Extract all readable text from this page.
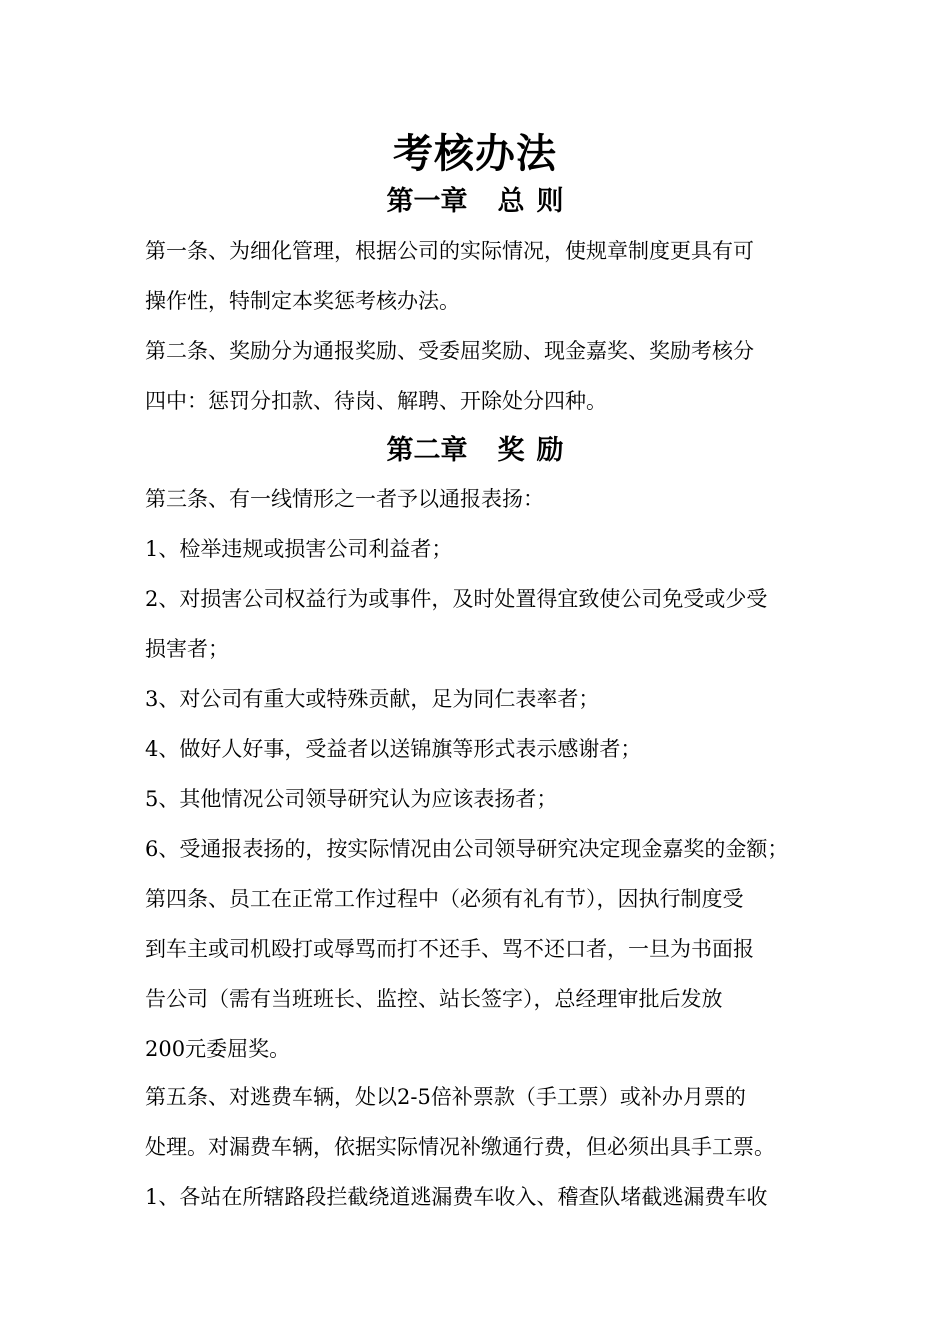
考核办法
第一章 总 则
第一条、为细化管理，根据公司的实际情况，使规章制度更具有可
操作性，特制定本奖惩考核办法。
第二条、奖励分为通报奖励、受委屈奖励、现金嘉奖、奖励考核分
四中：惩罚分扣款、待岗、解聘、开除处分四种。
第二章 奖 励
第三条、有一线情形之一者予以通报表扬：
1、检举违规或损害公司利益者；
2、对损害公司权益行为或事件，及时处置得宜致使公司免受或少受
损害者；
3、对公司有重大或特殊贡献，足为同仁表率者；
4、做好人好事，受益者以送锦旗等形式表示感谢者；
5、其他情况公司领导研究认为应该表扬者；
6、受通报表扬的，按实际情况由公司领导研究决定现金嘉奖的金额；
第四条、员工在正常工作过程中（必须有礼有节），因执行制度受
到车主或司机殴打或辱骂而打不还手、骂不还口者，一旦为书面报
告公司（需有当班班长、监控、站长签字），总经理审批后发放
200元委屈奖。
第五条、对逃费车辆，处以2-5倍补票款（手工票）或补办月票的
处理。对漏费车辆，依据实际情况补缴通行费，但必须出具手工票。
1、各站在所辖路段拦截绕道逃漏费车收入、稽查队堵截逃漏费车收
